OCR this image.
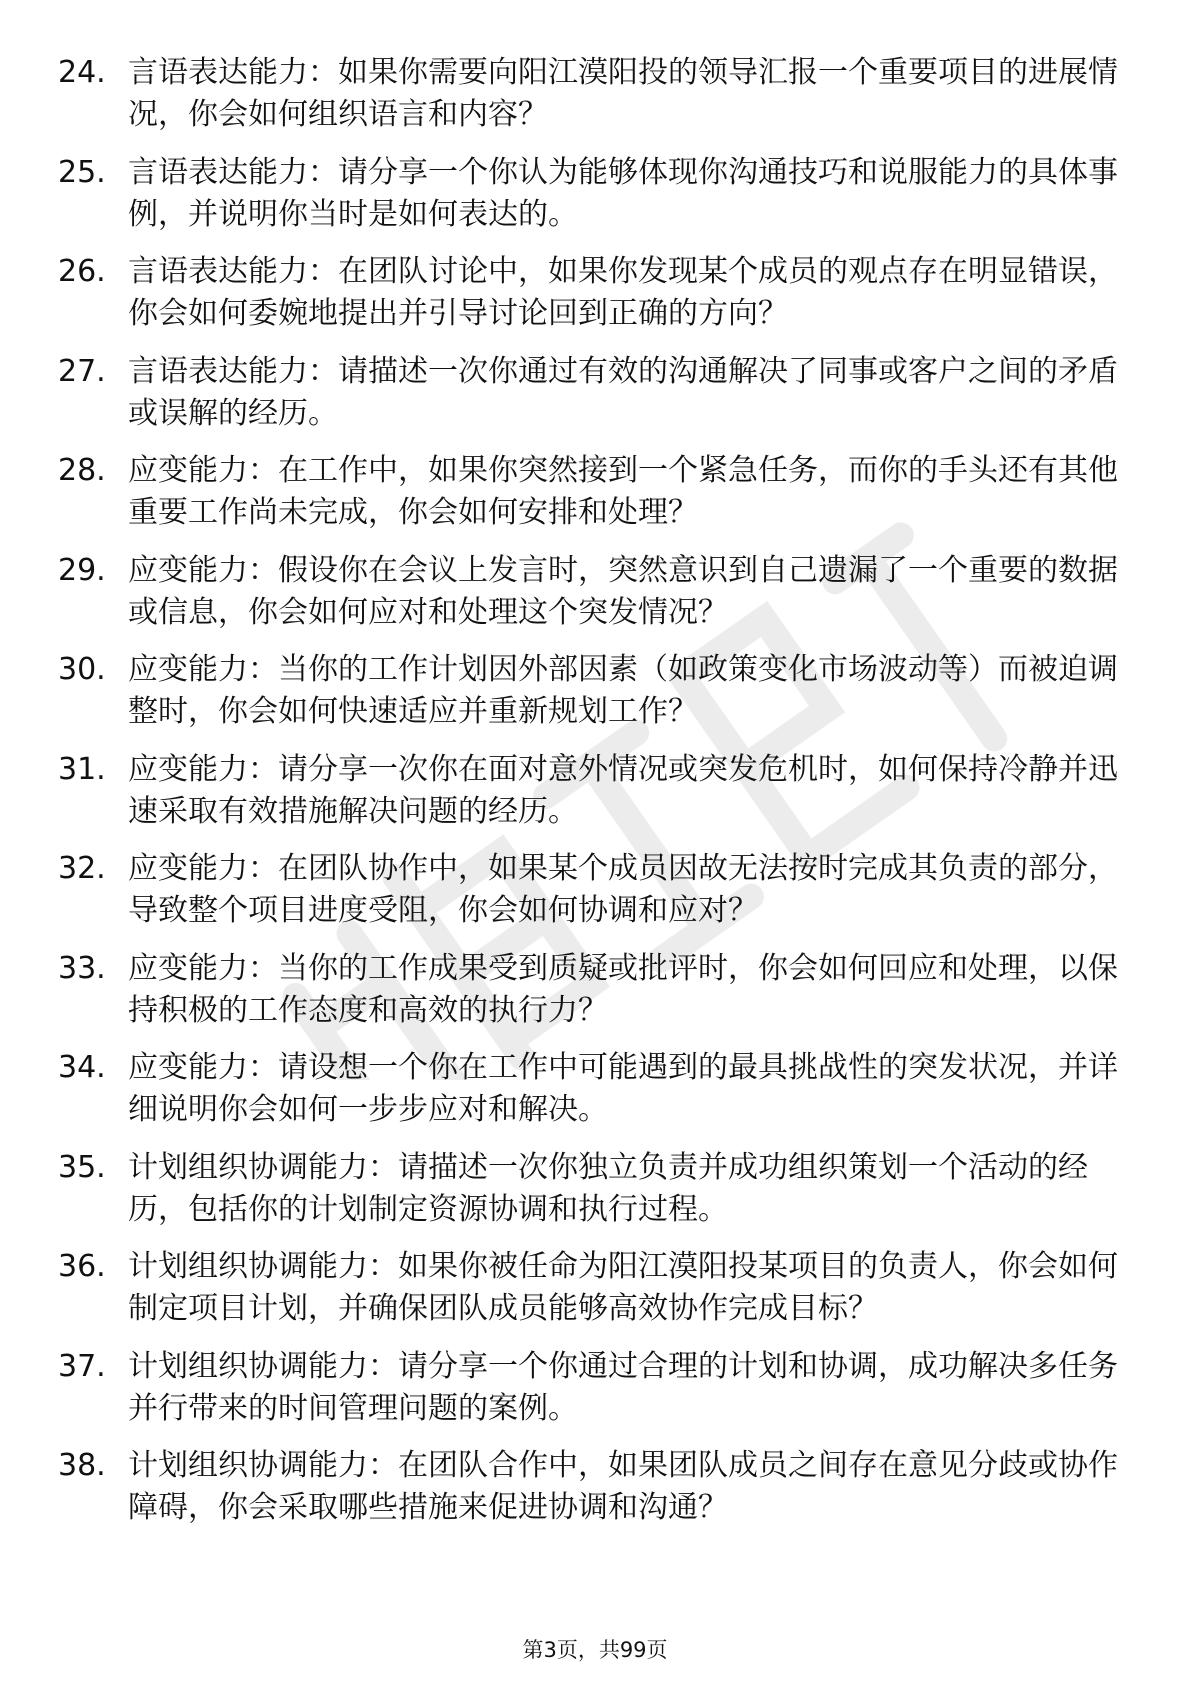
24. 言语表达能力：如果你需要向阳江漠阳投的领导汇报一个重要项目的进展情况，你会如何组织语言和内容？
25. 言语表达能力：请分享一个你认为能够体现你沟通技巧和说服能力的具体事例，并说明你当时是如何表达的。
26. 言语表达能力：在团队讨论中，如果你发现某个成员的观点存在明显错误，你会如何委婉地提出并引导讨论回到正确的方向？
27. 言语表达能力：请描述一次你通过有效的沟通解决了同事或客户之间的矛盾或误解的经历。
28. 应变能力：在工作中，如果你突然接到一个紧急任务，而你的手头还有其他重要工作尚未完成，你会如何安排和处理？
29. 应变能力：假设你在会议上发言时，突然意识到自己遗漏了一个重要的数据或信息，你会如何应对和处理这个突发情况？
30. 应变能力：当你的工作计划因外部因素（如政策变化市场波动等）而被迫调整时，你会如何快速适应并重新规划工作？
31. 应变能力：请分享一次你在面对意外情况或突发危机时，如何保持冷静并迅速采取有效措施解决问题的经历。
32. 应变能力：在团队协作中，如果某个成员因故无法按时完成其负责的部分，导致整个项目进度受阻，你会如何协调和应对？
33. 应变能力：当你的工作成果受到质疑或批评时，你会如何回应和处理，以保持积极的工作态度和高效的执行力？
34. 应变能力：请设想一个你在工作中可能遇到的最具挑战性的突发状况，并详细说明你会如何一步步应对和解决。
35. 计划组织协调能力：请描述一次你独立负责并成功组织策划一个活动的经历，包括你的计划制定资源协调和执行过程。
36. 计划组织协调能力：如果你被任命为阳江漠阳投某项目的负责人，你会如何制定项目计划，并确保团队成员能够高效协作完成目标？
37. 计划组织协调能力：请分享一个你通过合理的计划和协调，成功解决多任务并行带来的时间管理问题的案例。
38. 计划组织协调能力：在团队合作中，如果团队成员之间存在意见分歧或协作障碍，你会采取哪些措施来促进协调和沟通？
第3页，共99页
